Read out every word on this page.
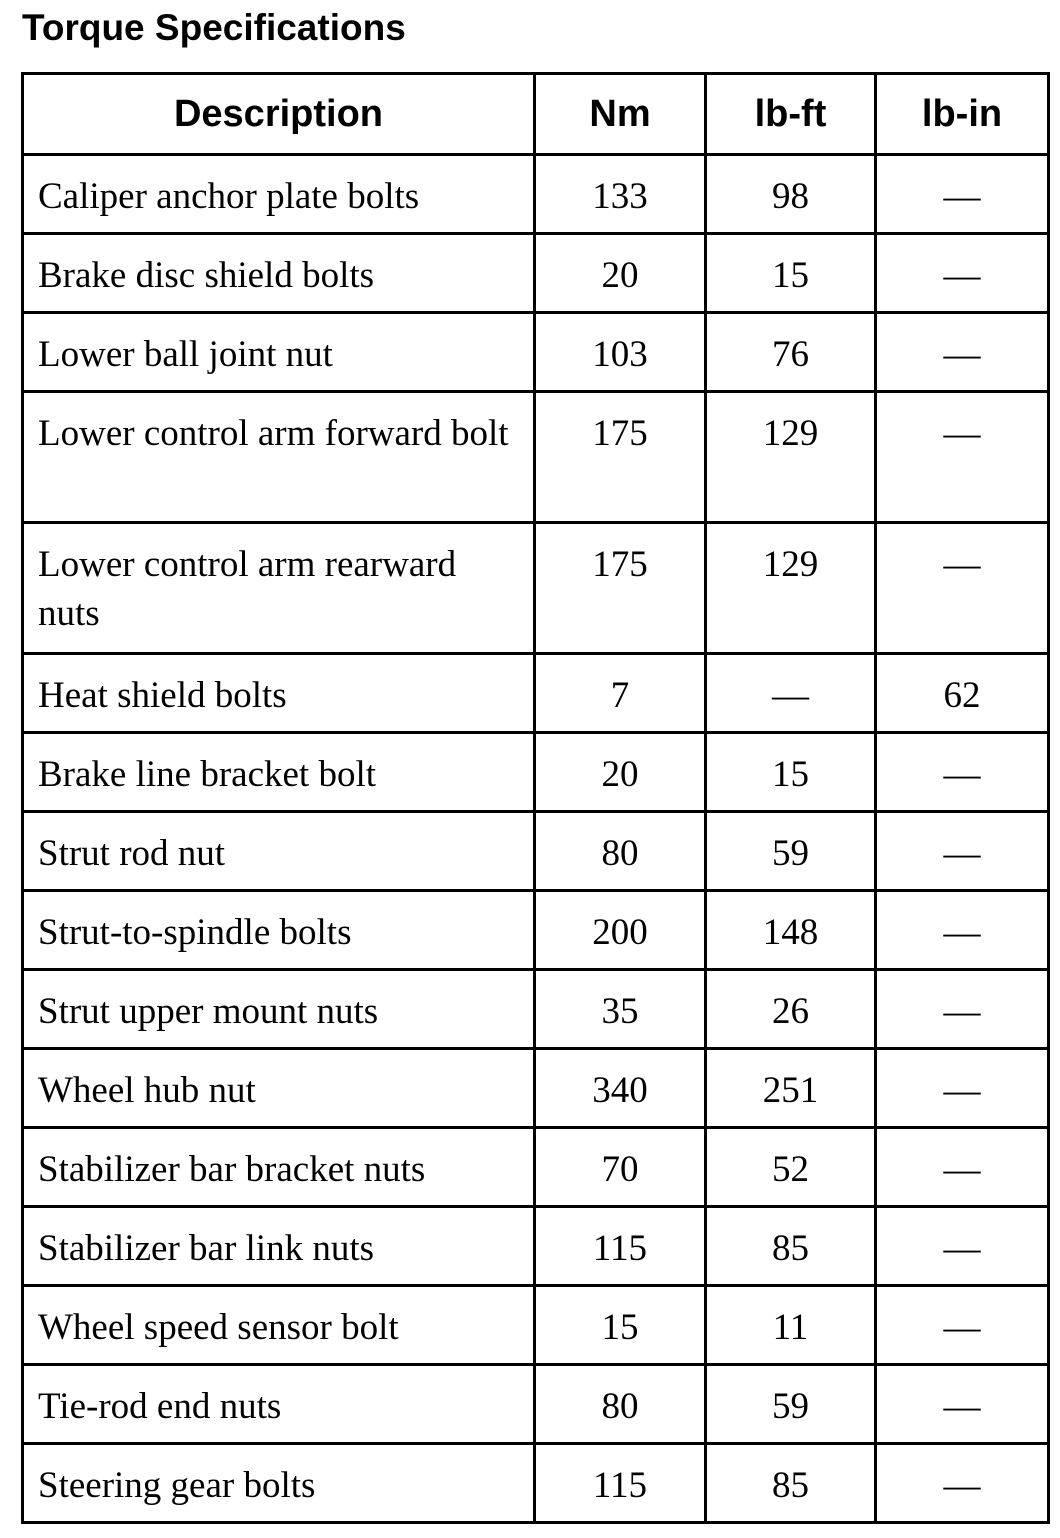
Torque Specifications
Description	Nm	lb-ft	lb-in
Caliper anchor plate bolts	133	98	—
Brake disc shield bolts	20	15	—
Lower ball joint nut	103	76	—
Lower control arm forward bolt	175	129	—
Lower control arm rearward nuts	175	129	—
Heat shield bolts	7	—	62
Brake line bracket bolt	20	15	—
Strut rod nut	80	59	—
Strut-to-spindle bolts	200	148	—
Strut upper mount nuts	35	26	—
Wheel hub nut	340	251	—
Stabilizer bar bracket nuts	70	52	—
Stabilizer bar link nuts	115	85	—
Wheel speed sensor bolt	15	11	—
Tie-rod end nuts	80	59	—
Steering gear bolts	115	85	—
